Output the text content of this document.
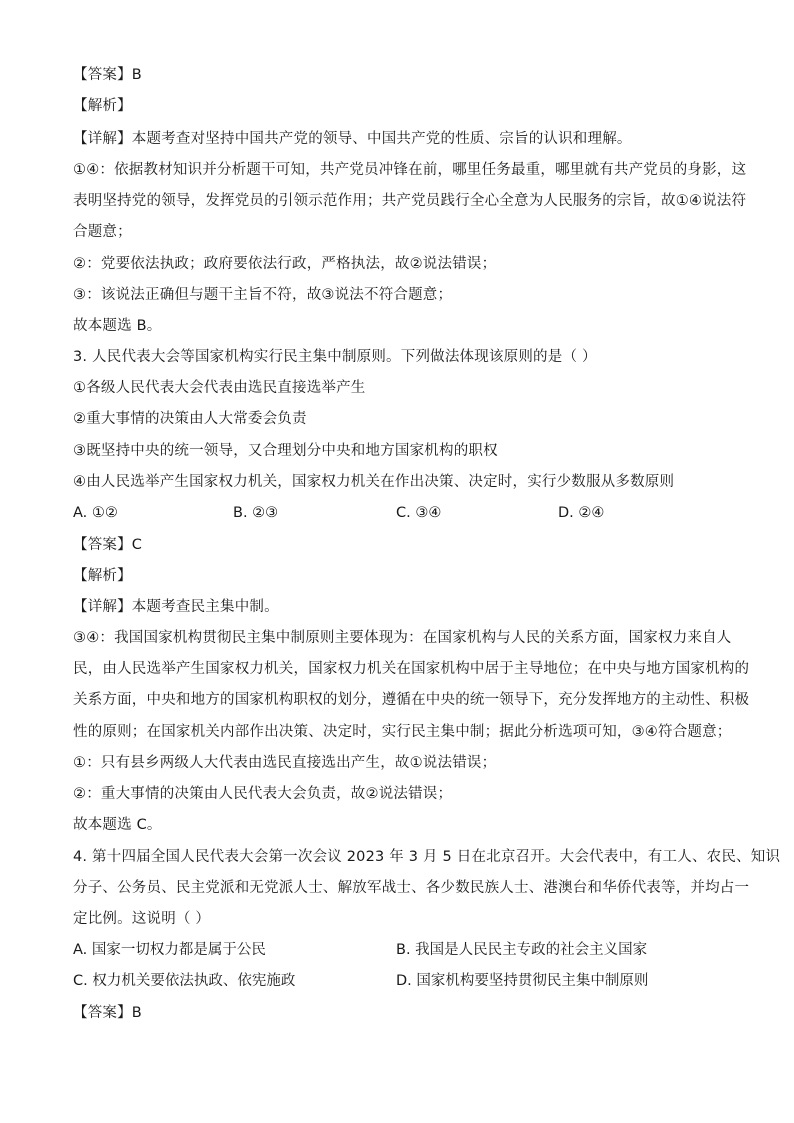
【答案】B
【解析】
【详解】本题考查对坚持中国共产党的领导、中国共产党的性质、宗旨的认识和理解。
①④：依据教材知识并分析题干可知，共产党员冲锋在前，哪里任务最重，哪里就有共产党员的身影，这
表明坚持党的领导，发挥党员的引领示范作用；共产党员践行全心全意为人民服务的宗旨，故①④说法符
合题意；
②：党要依法执政；政府要依法行政，严格执法，故②说法错误；
③：该说法正确但与题干主旨不符，故③说法不符合题意；
故本题选 B。
3. 人民代表大会等国家机构实行民主集中制原则。下列做法体现该原则的是（ ）
①各级人民代表大会代表由选民直接选举产生
②重大事情的决策由人大常委会负责
③既坚持中央的统一领导，又合理划分中央和地方国家机构的职权
④由人民选举产生国家权力机关，国家权力机关在作出决策、决定时，实行少数服从多数原则
A. ①②	B. ②③	C. ③④	D. ②④
【答案】C
【解析】
【详解】本题考查民主集中制。
③④：我国国家机构贯彻民主集中制原则主要体现为：在国家机构与人民的关系方面，国家权力来自人
民，由人民选举产生国家权力机关，国家权力机关在国家机构中居于主导地位；在中央与地方国家机构的
关系方面，中央和地方的国家机构职权的划分，遵循在中央的统一领导下，充分发挥地方的主动性、积极
性的原则；在国家机关内部作出决策、决定时，实行民主集中制；据此分析选项可知，③④符合题意；
①：只有县乡两级人大代表由选民直接选出产生，故①说法错误；
②：重大事情的决策由人民代表大会负责，故②说法错误；
故本题选 C。
4. 第十四届全国人民代表大会第一次会议 2023 年 3 月 5 日在北京召开。大会代表中，有工人、农民、知识
分子、公务员、民主党派和无党派人士、解放军战士、各少数民族人士、港澳台和华侨代表等，并均占一
定比例。这说明（ ）
A. 国家一切权力都是属于公民	B. 我国是人民民主专政的社会主义国家
C. 权力机关要依法执政、依宪施政	D. 国家机构要坚持贯彻民主集中制原则
【答案】B
